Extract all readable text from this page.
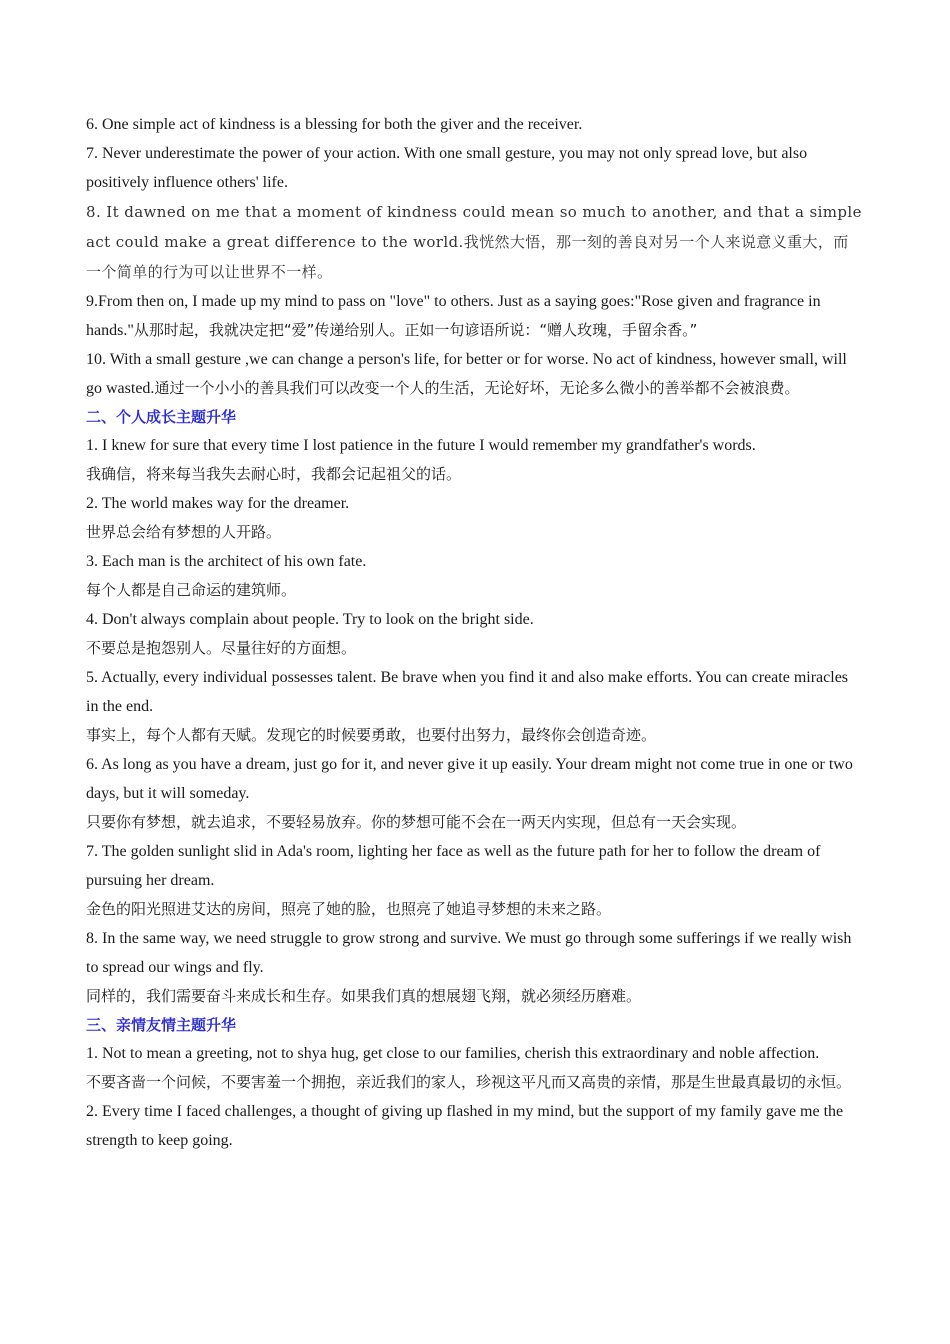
6. One simple act of kindness is a blessing for both the giver and the receiver.

7. Never underestimate the power of your action. With one small gesture, you may not only spread love, but also positively influence others' life.

8. It dawned on me that a moment of kindness could mean so much to another, and that a simple act could make a great difference to the world.我恍然大悟，那一刻的善良对另一个人来说意义重大，而一个简单的行为可以让世界不一样。

9.From then on, I made up my mind to pass on "love" to others. Just as a saying goes:"Rose given and fragrance in hands."从那时起，我就决定把“爱”传递给别人。正如一句谚语所说：“赠人玫瑰，手留余香。”

10. With a small gesture ,we can change a person's life, for better or for worse. No act of kindness, however small, will go wasted.通过一个小小的善具我们可以改变一个人的生活，无论好坏，无论多么微小的善举都不会被浪费。

二、个人成长主题升华

1. I knew for sure that every time I lost patience in the future I would remember my grandfather's words.

我确信，将来每当我失去耐心时，我都会记起祖父的话。

2. The world makes way for the dreamer.

世界总会给有梦想的人开路。

3. Each man is the architect of his own fate.

每个人都是自己命运的建筑师。

4. Don't always complain about people. Try to look on the bright side.

不要总是抱怨别人。尽量往好的方面想。

5. Actually, every individual possesses talent. Be brave when you find it and also make efforts. You can create miracles in the end.

事实上，每个人都有天赋。发现它的时候要勇敢，也要付出努力，最终你会创造奇迹。

6. As long as you have a dream, just go for it, and never give it up easily. Your dream might not come true in one or two days, but it will someday.

只要你有梦想，就去追求，不要轻易放弃。你的梦想可能不会在一两天内实现，但总有一天会实现。

7. The golden sunlight slid in Ada's room, lighting her face as well as the future path for her to follow the dream of pursuing her dream.

金色的阳光照进艾达的房间，照亮了她的脸，也照亮了她追寻梦想的未来之路。

8. In the same way, we need struggle to grow strong and survive. We must go through some sufferings if we really wish to spread our wings and fly.

同样的，我们需要奋斗来成长和生存。如果我们真的想展翅飞翔，就必须经历磨难。

三、亲情友情主题升华

1. Not to mean a greeting, not to shya hug, get close to our families, cherish this extraordinary and noble affection.

不要吝啬一个问候，不要害羞一个拥抱，亲近我们的家人，珍视这平凡而又高贵的亲情，那是生世最真最切的永恒。

2. Every time I faced challenges, a thought of giving up flashed in my mind, but the support of my family gave me the strength to keep going.
